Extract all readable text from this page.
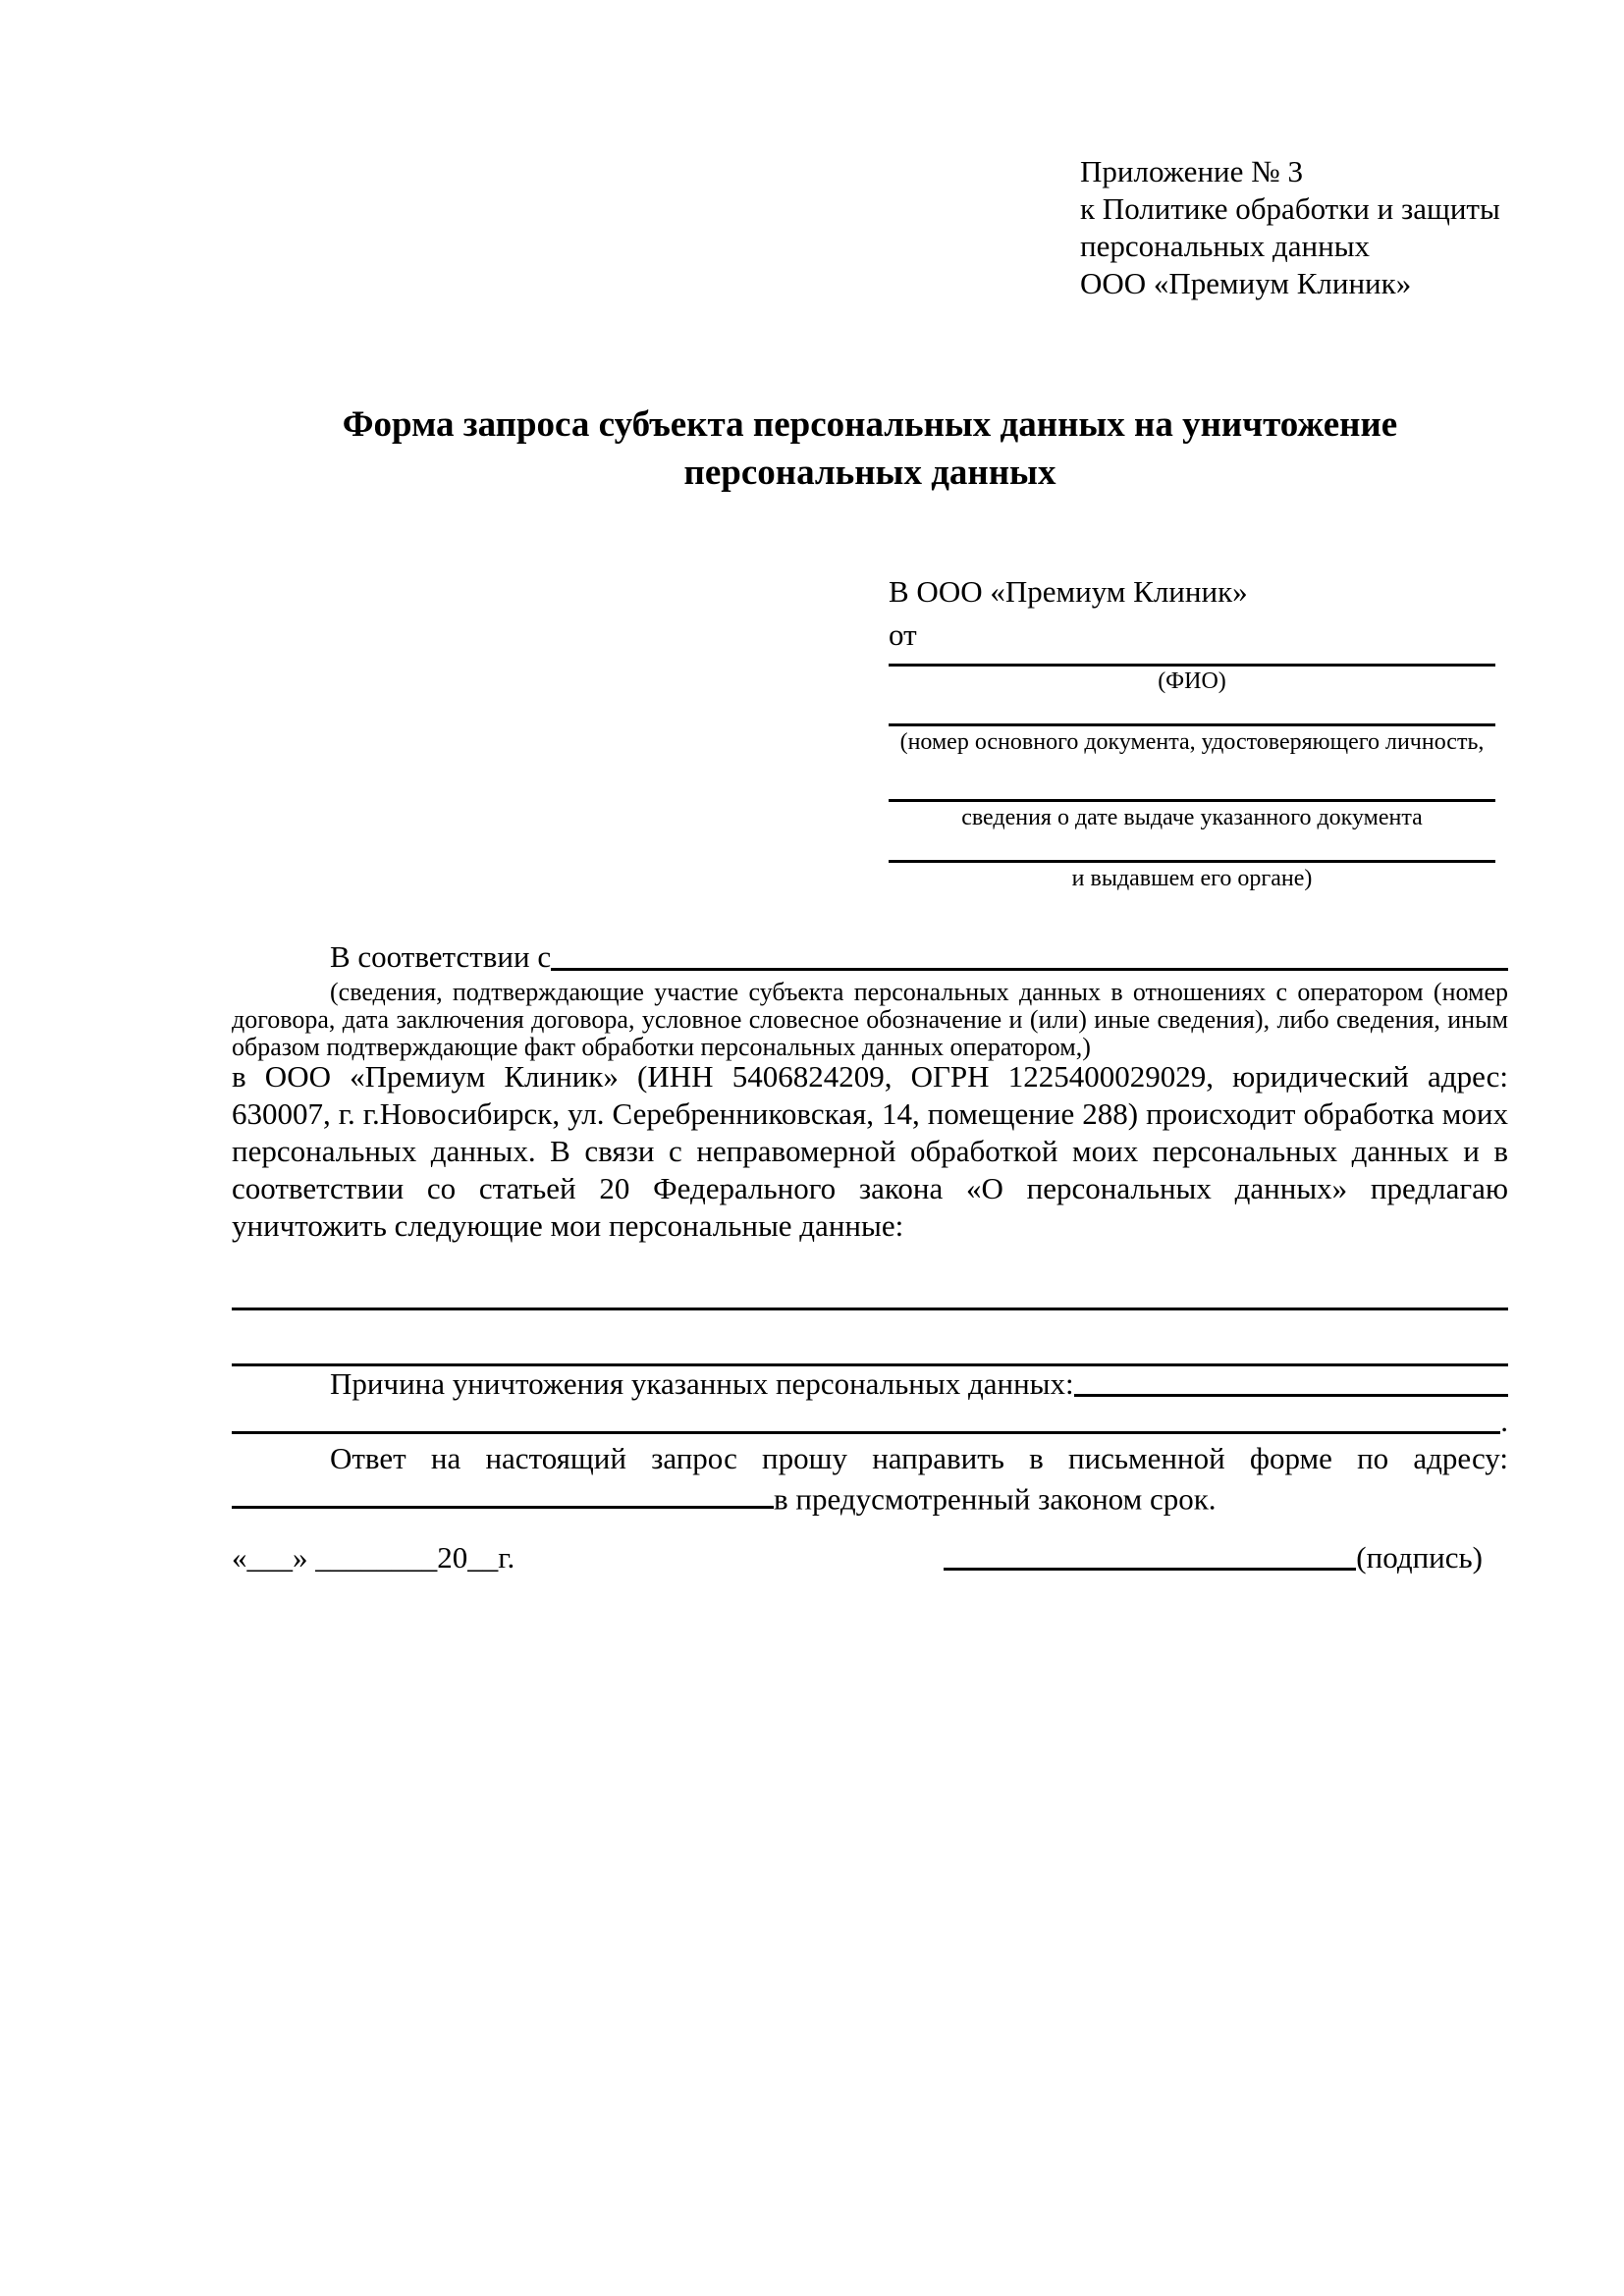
Приложение № 3
к Политике обработки и защиты
персональных данных
ООО «Премиум Клиник»
Форма запроса субъекта персональных данных на уничтожение персональных данных
В ООО «Премиум Клиник»
от
(ФИО)
(номер основного документа, удостоверяющего личность,
сведения о дате выдаче указанного документа
и выдавшем его органе)
В соответствии с
(сведения, подтверждающие участие субъекта персональных данных в отношениях с оператором (номер договора, дата заключения договора, условное словесное обозначение и (или) иные сведения), либо сведения, иным образом подтверждающие факт обработки персональных данных оператором,)
в ООО «Премиум Клиник» (ИНН 5406824209, ОГРН 1225400029029, юридический адрес: 630007, г. г.Новосибирск, ул. Серебренниковская, 14, помещение 288) происходит обработка моих персональных данных. В связи с неправомерной обработкой моих персональных данных и в соответствии со статьей 20 Федерального закона «О персональных данных» предлагаю уничтожить следующие мои персональные данные:
Причина уничтожения указанных персональных данных:
.
Ответ на настоящий запрос прошу направить в письменной форме по адресу: в предусмотренный законом срок.
«___» ________20__г.	(подпись)
